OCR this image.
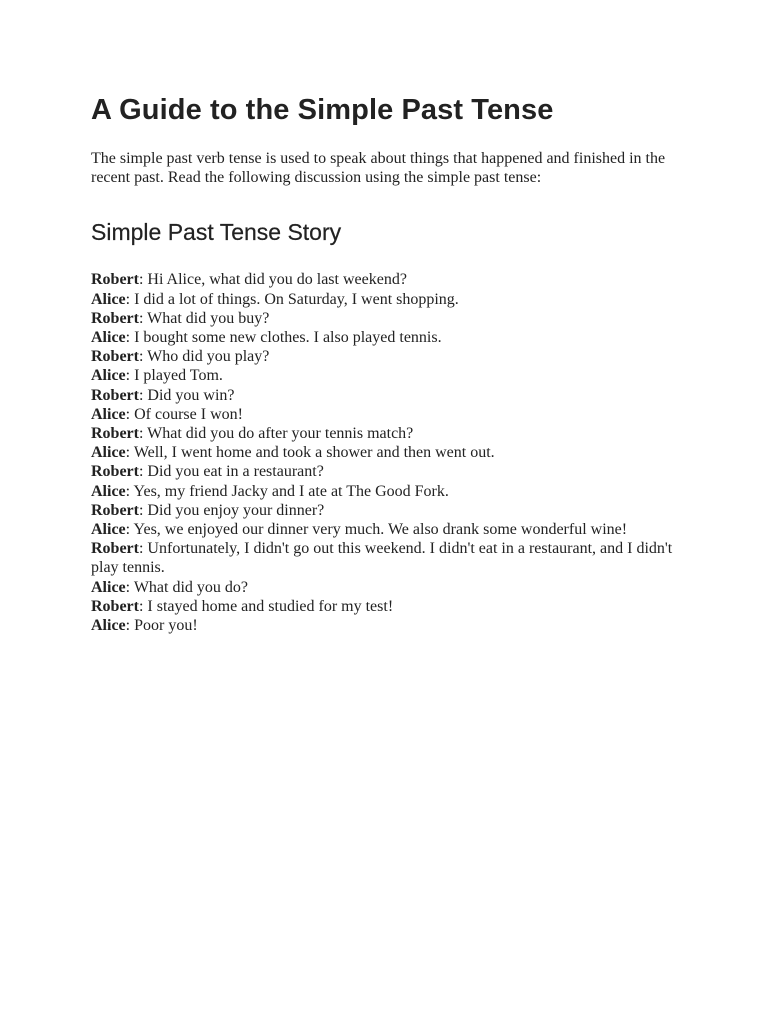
A Guide to the Simple Past Tense

The simple past verb tense is used to speak about things that happened and finished in the recent past. Read the following discussion using the simple past tense:

Simple Past Tense Story
Robert: Hi Alice, what did you do last weekend?
Alice: I did a lot of things. On Saturday, I went shopping.
Robert: What did you buy?
Alice: I bought some new clothes. I also played tennis.
Robert: Who did you play?
Alice: I played Tom.
Robert: Did you win?
Alice: Of course I won!
Robert: What did you do after your tennis match?
Alice: Well, I went home and took a shower and then went out.
Robert: Did you eat in a restaurant?
Alice: Yes, my friend Jacky and I ate at The Good Fork.
Robert: Did you enjoy your dinner?
Alice: Yes, we enjoyed our dinner very much. We also drank some wonderful wine!
Robert: Unfortunately, I didn't go out this weekend. I didn't eat in a restaurant, and I didn't play tennis.
Alice: What did you do?
Robert: I stayed home and studied for my test!
Alice: Poor you!
